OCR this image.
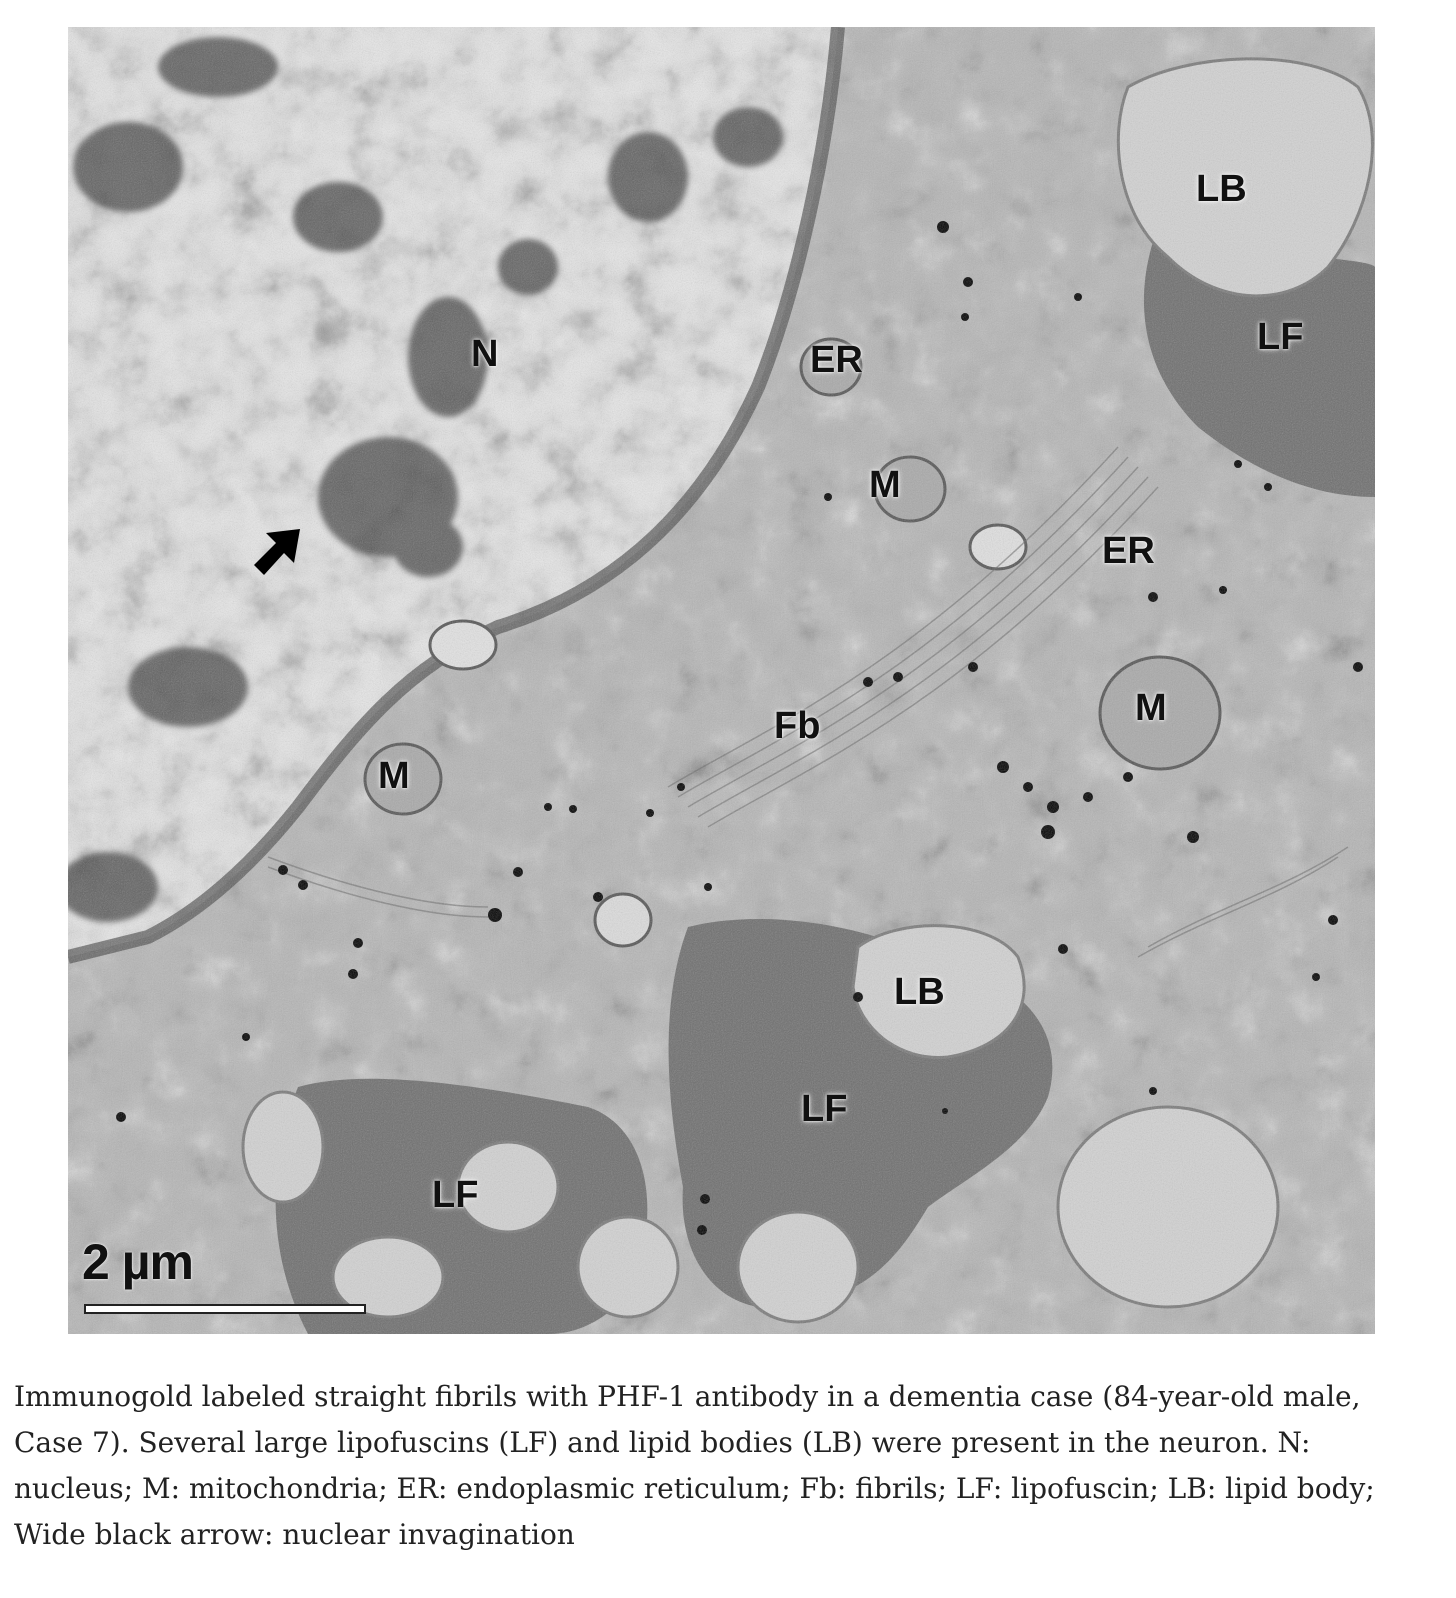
LB
LF
N	ER
M
ER
M
Fb
M
LB
LF
LF
2 µm
Immunogold labeled straight fibrils with PHF-1 antibody in a dementia case (84-year-old male, Case 7). Several large lipofuscins (LF) and lipid bodies (LB) were present in the neuron. N: nucleus; M: mitochondria; ER: endoplasmic reticulum; Fb: fibrils; LF: lipofuscin; LB: lipid body; Wide black arrow: nuclear invagination
